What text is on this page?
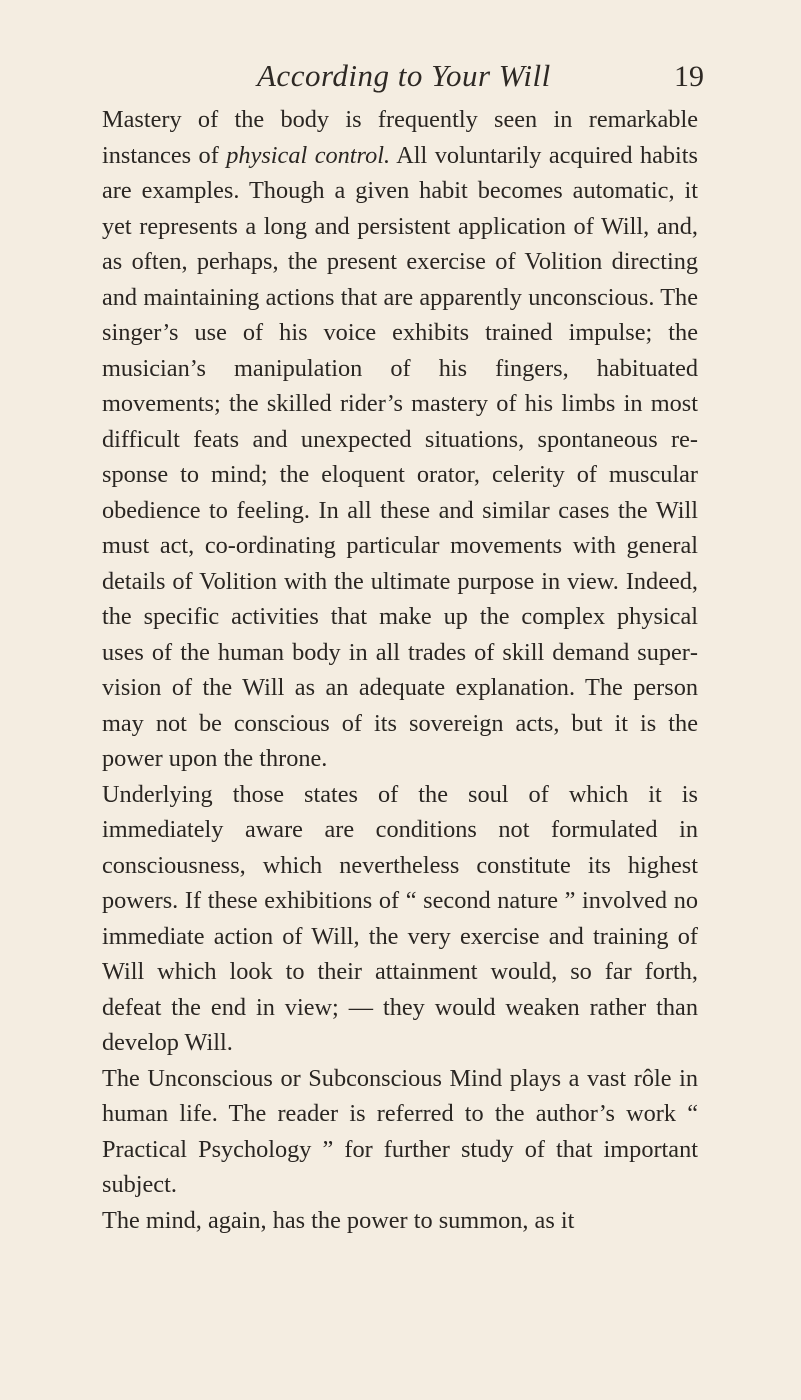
According to Your Will	19

Mastery of the body is frequently seen in remarkable instances of physical control. All voluntarily acquired habits are examples. Though a given habit becomes automatic, it yet represents a long and persistent application of Will, and, as often, perhaps, the present exercise of Volition directing and maintaining actions that are apparently unconscious. The singer’s use of his voice exhibits trained impulse; the musician’s manipulation of his fingers, habituated movements; the skilled rider’s mastery of his limbs in most difficult feats and unexpected situations, spontaneous response to mind; the eloquent orator, celerity of muscular obedience to feeling. In all these and similar cases the Will must act, co-ordinating particular movements with general details of Volition with the ultimate purpose in view. Indeed, the specific activities that make up the complex physical uses of the human body in all trades of skill demand supervision of the Will as an adequate explanation. The person may not be conscious of its sovereign acts, but it is the power upon the throne.

Underlying those states of the soul of which it is immediately aware are conditions not formulated in consciousness, which nevertheless constitute its highest powers. If these exhibitions of “ second nature ” involved no immediate action of Will, the very exercise and training of Will which look to their attainment would, so far forth, defeat the end in view; — they would weaken rather than develop Will.

The Unconscious or Subconscious Mind plays a vast rôle in human life. The reader is referred to the author’s work “ Practical Psychology ” for further study of that important subject.

The mind, again, has the power to summon, as it
